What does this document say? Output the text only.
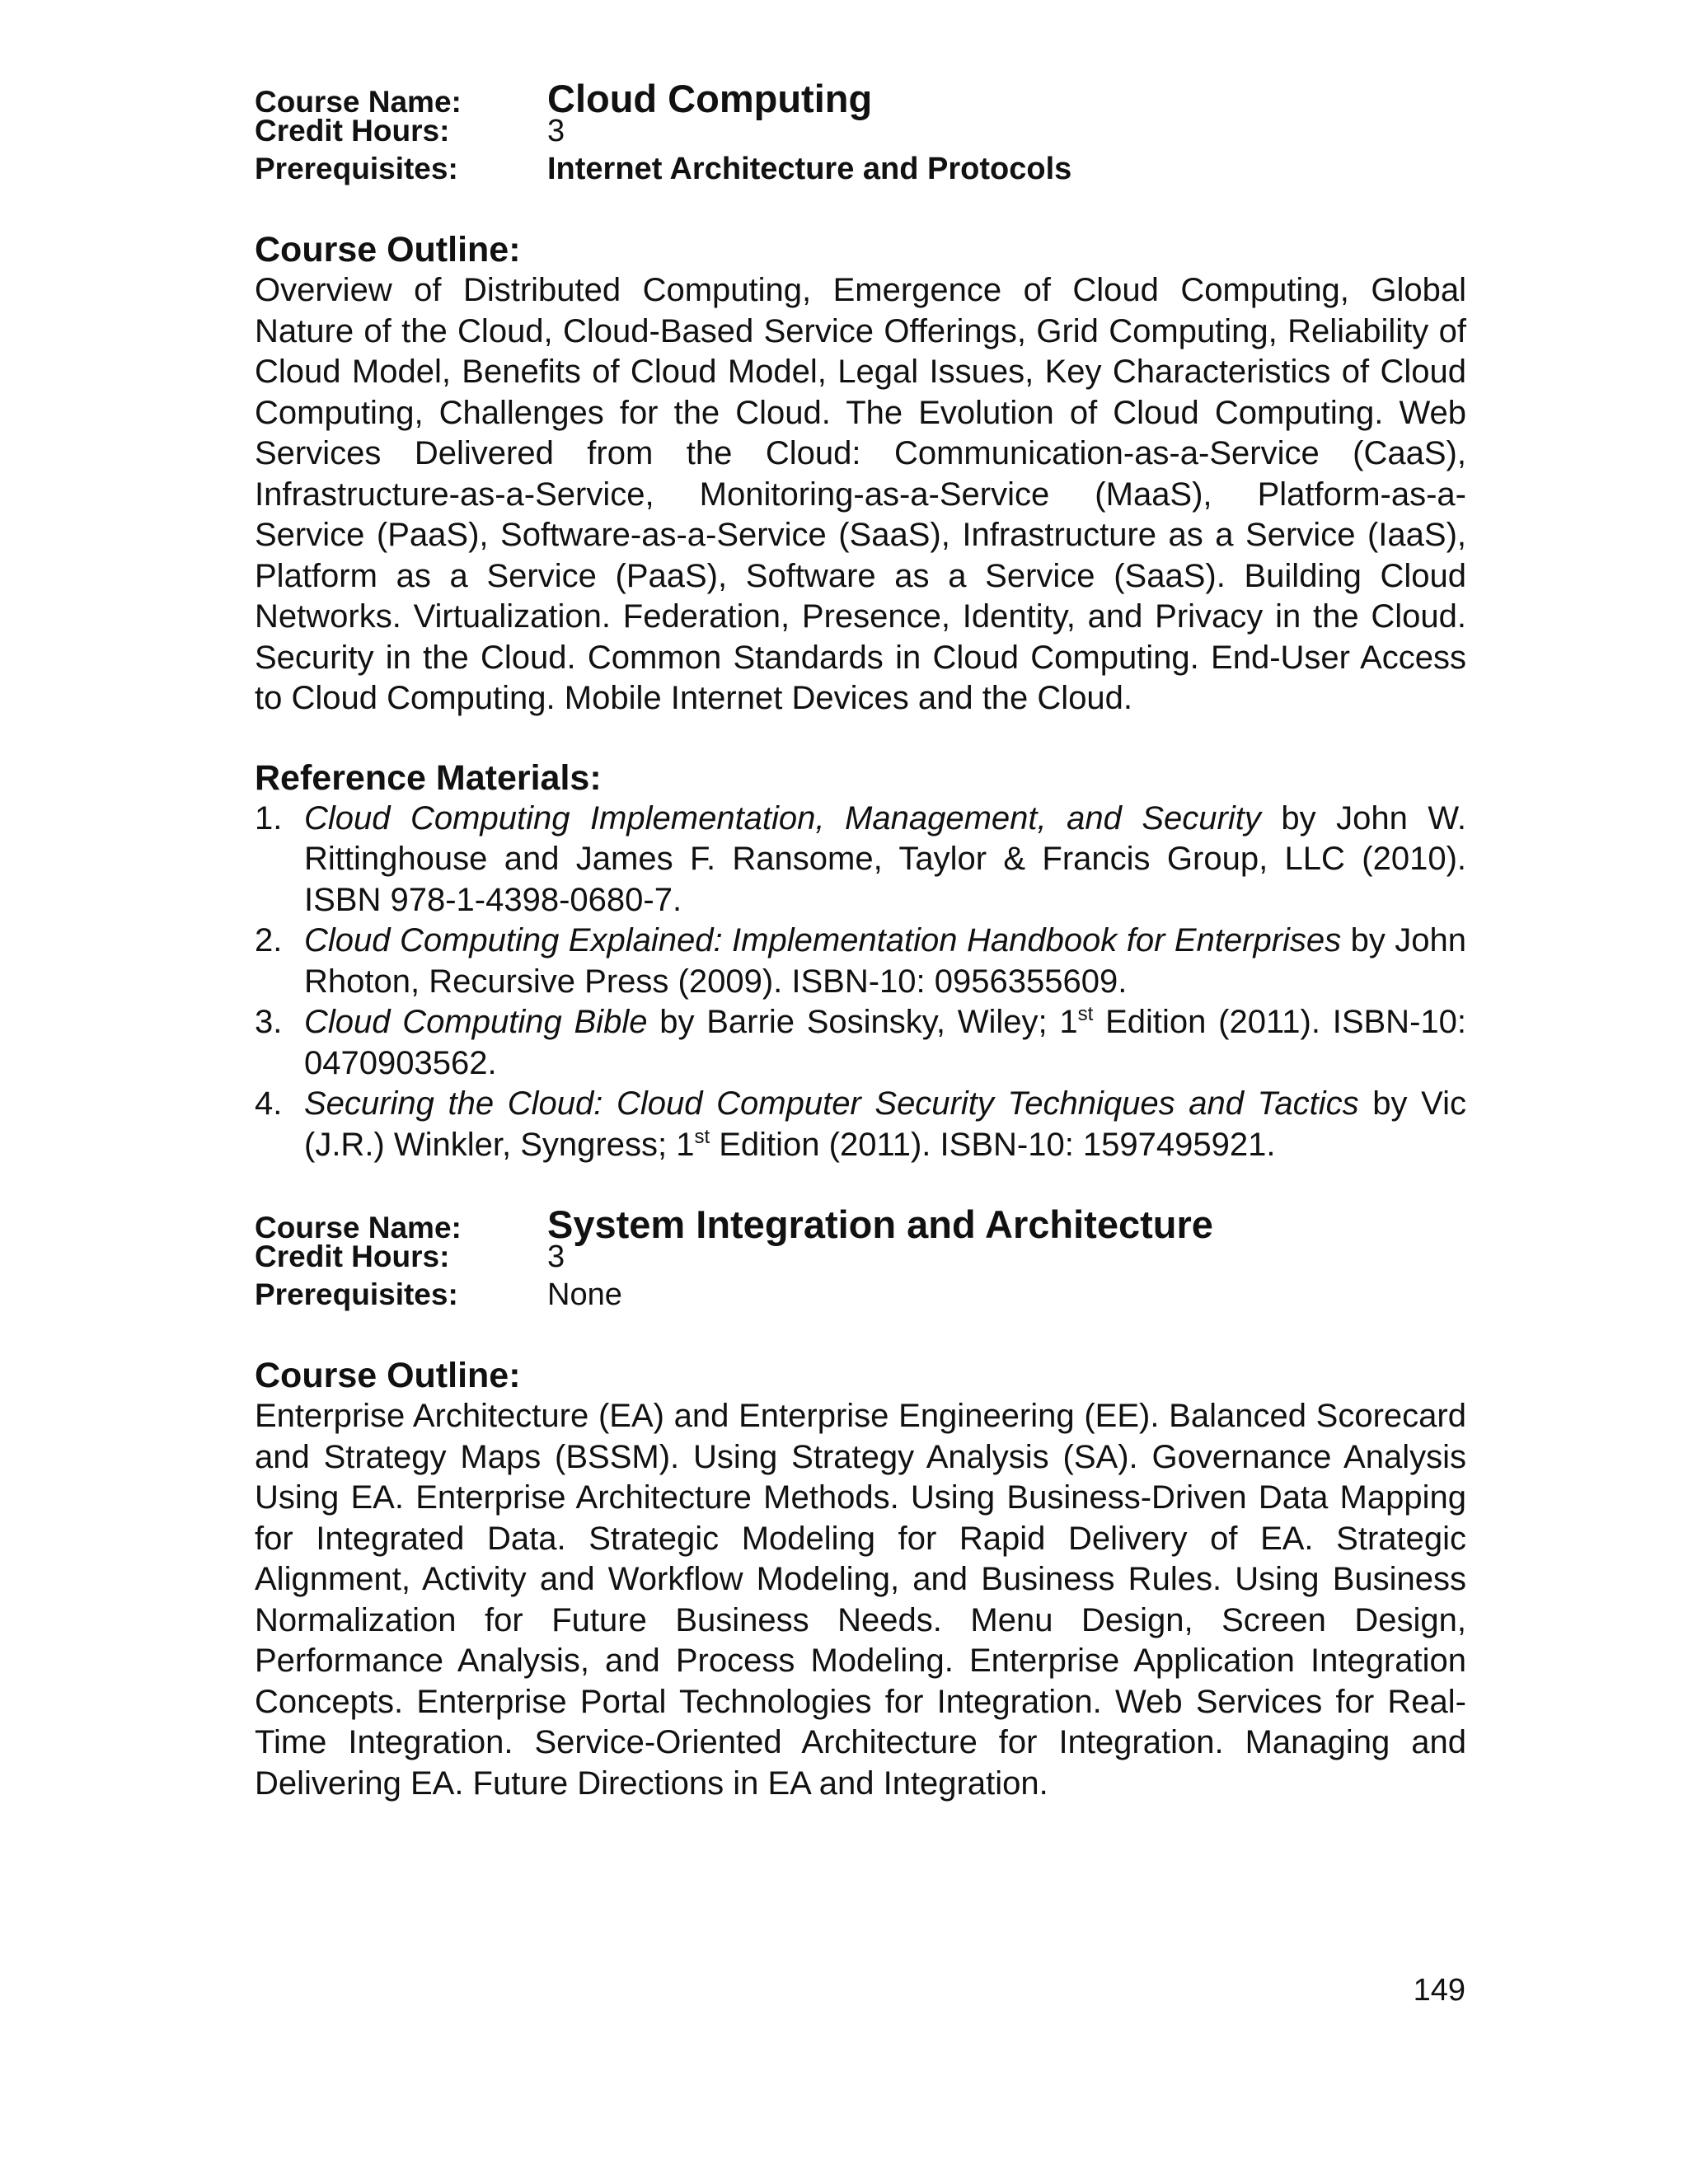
Course Name:	Cloud Computing
Credit Hours:	3
Prerequisites:	Internet Architecture and Protocols
Course Outline:
Overview of Distributed Computing, Emergence of Cloud Computing, Global Nature of the Cloud, Cloud-Based Service Offerings, Grid Computing, Reliability of Cloud Model, Benefits of Cloud Model, Legal Issues, Key Characteristics of Cloud Computing, Challenges for the Cloud. The Evolution of Cloud Computing. Web Services Delivered from the Cloud: Communication-as-a-Service (CaaS), Infrastructure-as-a-Service, Monitoring-as-a-Service (MaaS), Platform-as-a-Service (PaaS), Software-as-a-Service (SaaS), Infrastructure as a Service (IaaS), Platform as a Service (PaaS), Software as a Service (SaaS). Building Cloud Networks. Virtualization. Federation, Presence, Identity, and Privacy in the Cloud. Security in the Cloud. Common Standards in Cloud Computing. End-User Access to Cloud Computing. Mobile Internet Devices and the Cloud.
Reference Materials:
1. Cloud Computing Implementation, Management, and Security by John W. Rittinghouse and James F. Ransome, Taylor & Francis Group, LLC (2010). ISBN 978-1-4398-0680-7.
2. Cloud Computing Explained: Implementation Handbook for Enterprises by John Rhoton, Recursive Press (2009). ISBN-10: 0956355609.
3. Cloud Computing Bible by Barrie Sosinsky, Wiley; 1st Edition (2011). ISBN-10: 0470903562.
4. Securing the Cloud: Cloud Computer Security Techniques and Tactics by Vic (J.R.) Winkler, Syngress; 1st Edition (2011). ISBN-10: 1597495921.
Course Name:	System Integration and Architecture
Credit Hours:	3
Prerequisites:	None
Course Outline:
Enterprise Architecture (EA) and Enterprise Engineering (EE). Balanced Scorecard and Strategy Maps (BSSM). Using Strategy Analysis (SA). Governance Analysis Using EA. Enterprise Architecture Methods. Using Business-Driven Data Mapping for Integrated Data. Strategic Modeling for Rapid Delivery of EA. Strategic Alignment, Activity and Workflow Modeling, and Business Rules. Using Business Normalization for Future Business Needs. Menu Design, Screen Design, Performance Analysis, and Process Modeling. Enterprise Application Integration Concepts. Enterprise Portal Technologies for Integration. Web Services for Real-Time Integration. Service-Oriented Architecture for Integration. Managing and Delivering EA. Future Directions in EA and Integration.
149
